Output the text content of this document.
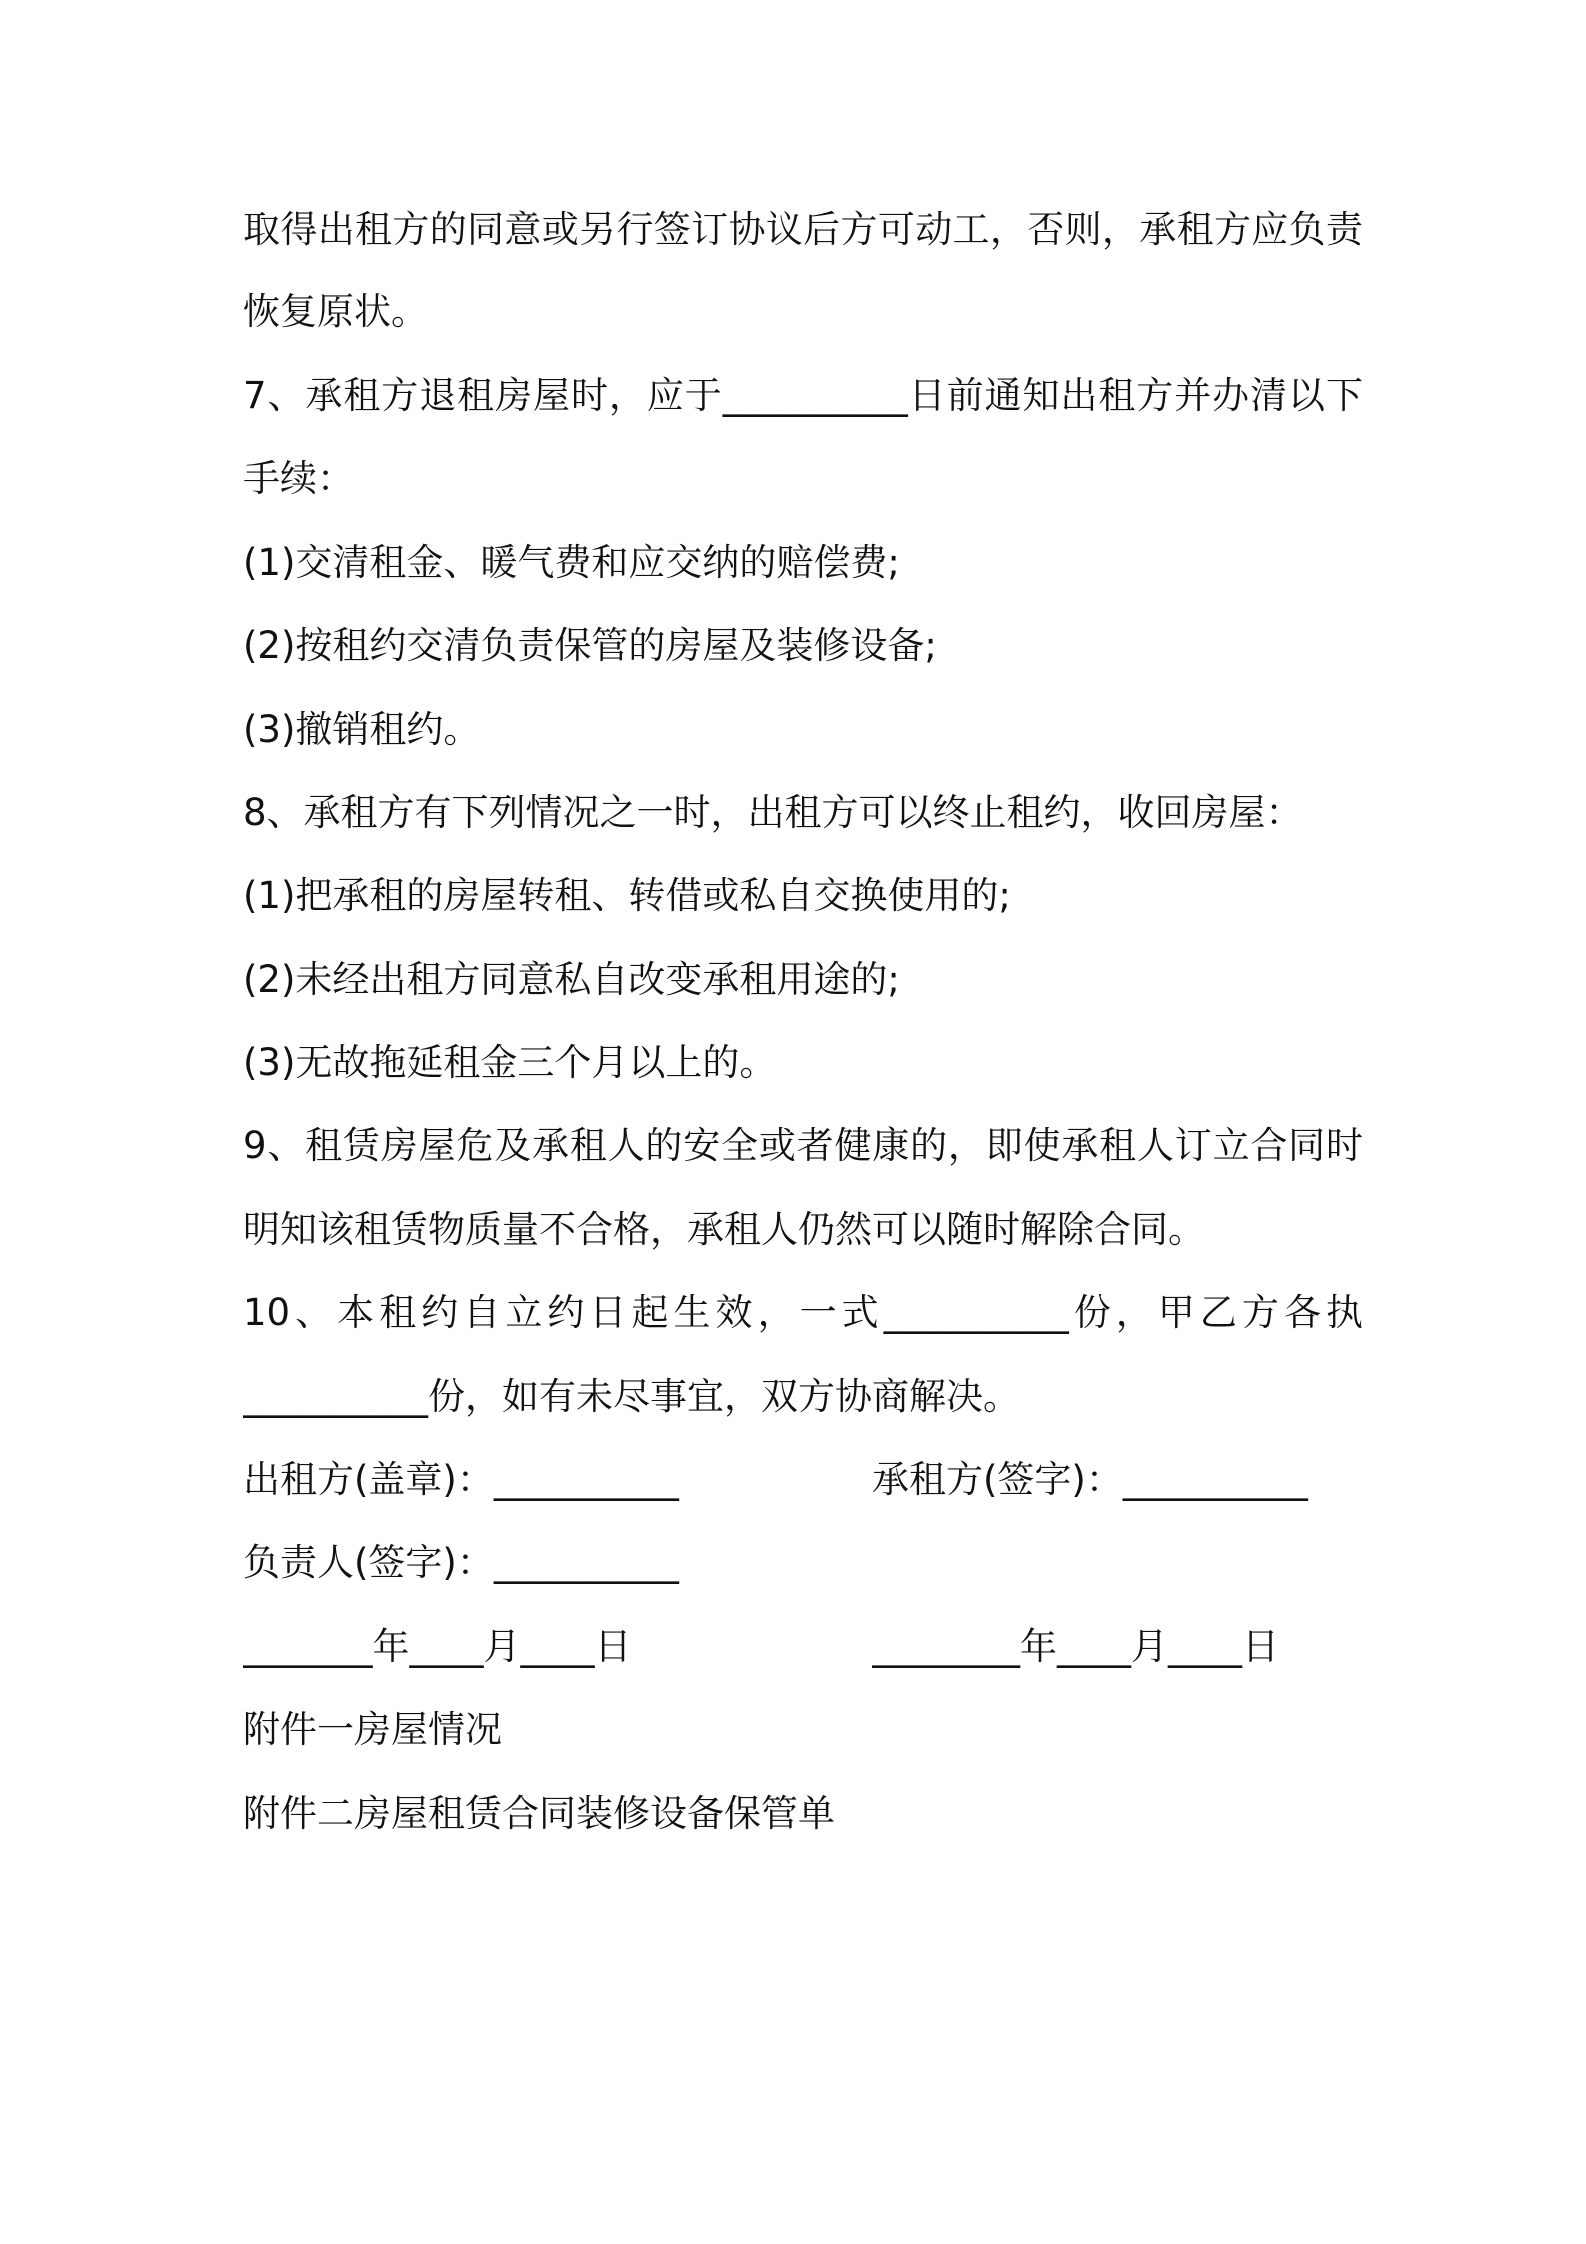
取得出租方的同意或另行签订协议后方可动工，否则，承租方应负责
恢复原状。
7、承租方退租房屋时，应于__________日前通知出租方并办清以下
手续：
(1)交清租金、暖气费和应交纳的赔偿费;
(2)按租约交清负责保管的房屋及装修设备;
(3)撤销租约。
8、承租方有下列情况之一时，出租方可以终止租约，收回房屋：
(1)把承租的房屋转租、转借或私自交换使用的;
(2)未经出租方同意私自改变承租用途的;
(3)无故拖延租金三个月以上的。
9、租赁房屋危及承租人的安全或者健康的，即使承租人订立合同时
明知该租赁物质量不合格，承租人仍然可以随时解除合同。
10、本租约自立约日起生效，一式__________份，甲乙方各执
__________份，如有未尽事宜，双方协商解决。
出租方(盖章)：__________	承租方(签字)：__________
负责人(签字)：__________
_______年____月____日	________年____月____日
附件一房屋情况
附件二房屋租赁合同装修设备保管单
